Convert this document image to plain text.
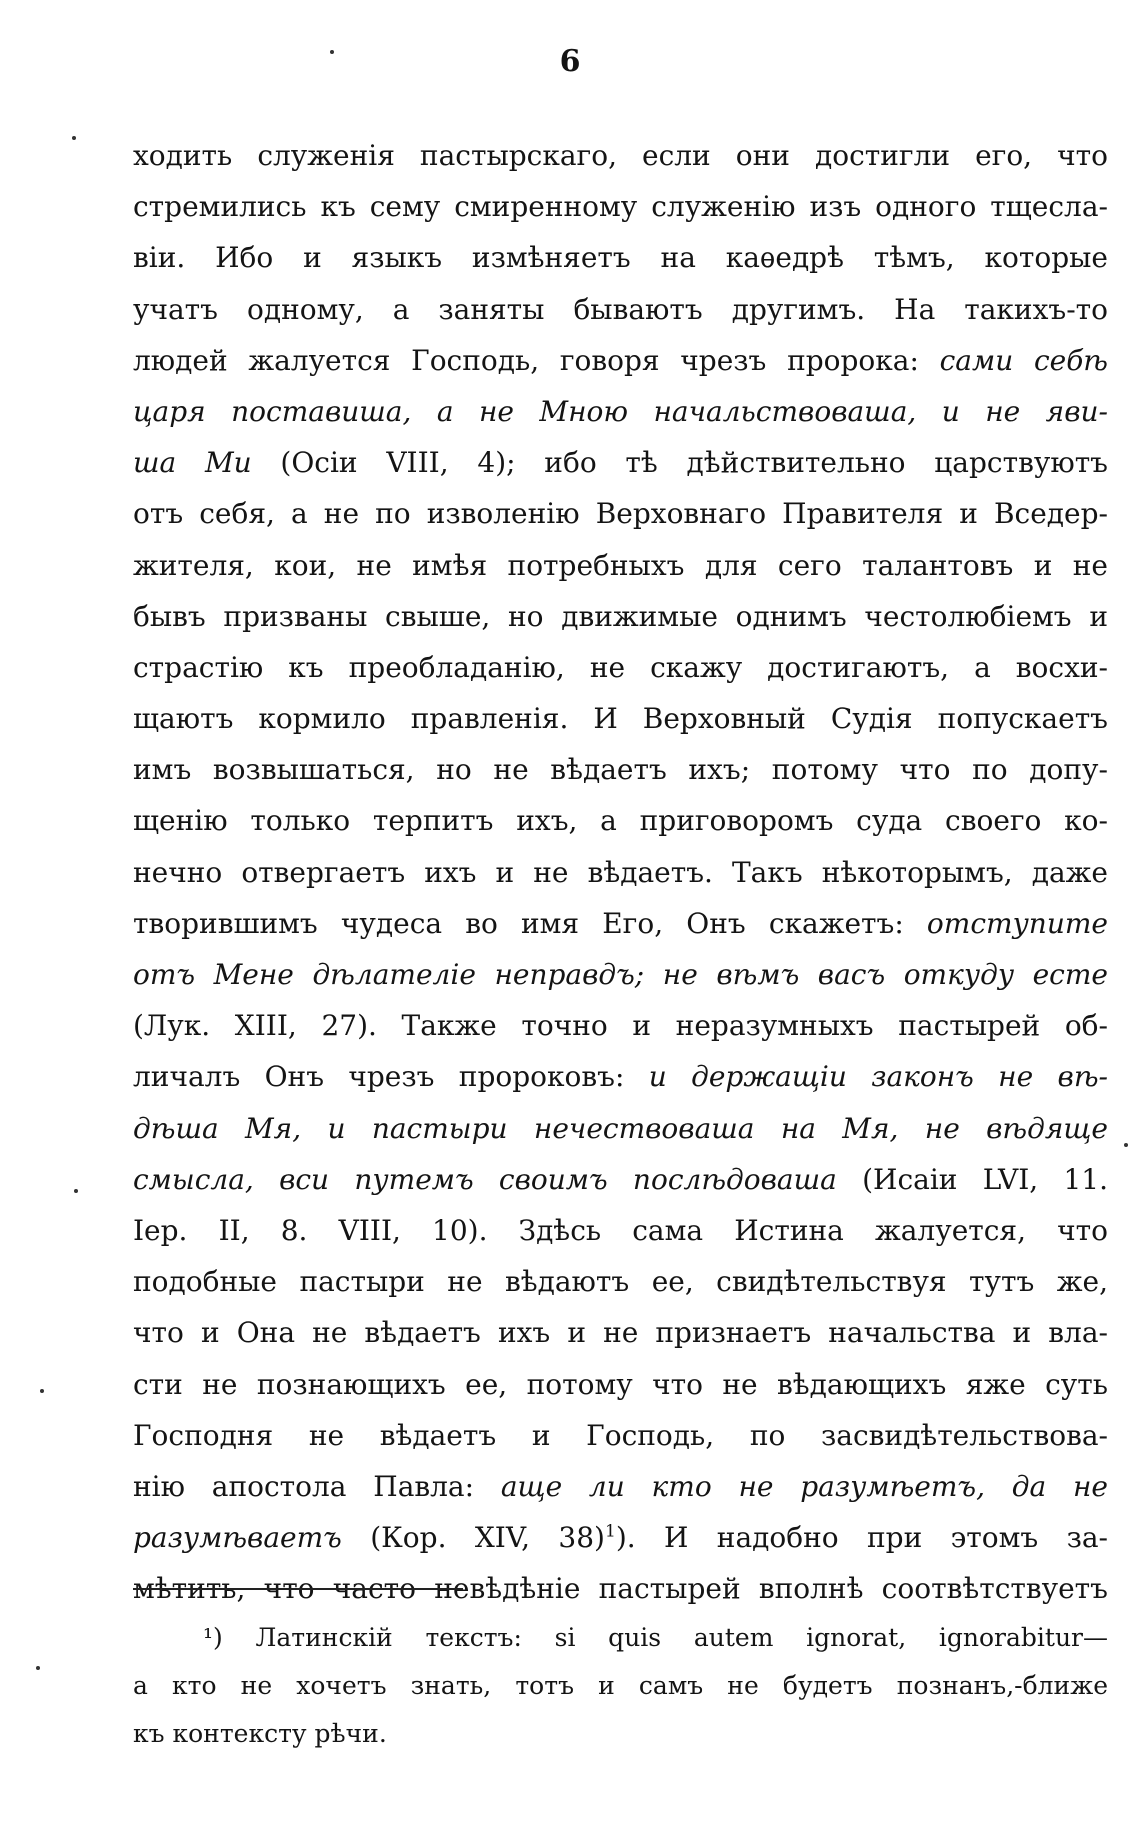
6
ходить служенія пастырскаго, если они достигли его, что
стремились къ сему смиренному служенію изъ одного тщесла-
віи. Ибо и языкъ измѣняетъ на каѳедрѣ тѣмъ, которые
учатъ одному, а заняты бываютъ другимъ. На такихъ-то
людей жалуется Господь, говоря чрезъ пророка: сами себѣ
царя поставиша, а не Мною начальствоваша, и не яви-
ша Ми (Осіи VIII, 4); ибо тѣ дѣйствительно царствуютъ
отъ себя, а не по изволенію Верховнаго Правителя и Вседер-
жителя, кои, не имѣя потребныхъ для сего талантовъ и не
бывъ призваны свыше, но движимые однимъ честолюбіемъ и
страстію къ преобладанію, не скажу достигаютъ, а восхи-
щаютъ кормило правленія. И Верховный Судія попускаетъ
имъ возвышаться, но не вѣдаетъ ихъ; потому что по допу-
щенію только терпитъ ихъ, а приговоромъ суда своего ко-
нечно отвергаетъ ихъ и не вѣдаетъ. Такъ нѣкоторымъ, даже
творившимъ чудеса во имя Его, Онъ скажетъ: отступите
отъ Мене дѣлателіе неправдъ; не вѣмъ васъ откуду есте
(Лук. XIII, 27). Также точно и неразумныхъ пастырей об-
личалъ Онъ чрезъ пророковъ: и держащіи законъ не вѣ-
дѣша Мя, и пастыри нечествоваша на Мя, не вѣдяще
смысла, вси путемъ своимъ послѣдоваша (Исаіи LVI, 11.
Іер. II, 8. VIII, 10). Здѣсь сама Истина жалуется, что
подобные пастыри не вѣдаютъ ее, свидѣтельствуя тутъ же,
что и Она не вѣдаетъ ихъ и не признаетъ начальства и вла-
сти не познающихъ ее, потому что не вѣдающихъ яже суть
Господня не вѣдаетъ и Господь, по засвидѣтельствова-
нію апостола Павла: аще ли кто не разумѣетъ, да не
разумѣваетъ (Кор. XIV, 38)$^1$). И надобно при этомъ за-
мѣтить, что часто невѣдѣніе пастырей вполнѣ соотвѣтствуетъ
¹) Латинскій текстъ: si quis autem ignorat, ignorabitur—
а кто не хочетъ знать, тотъ и самъ не будетъ познанъ,-ближе
къ контексту рѣчи.
